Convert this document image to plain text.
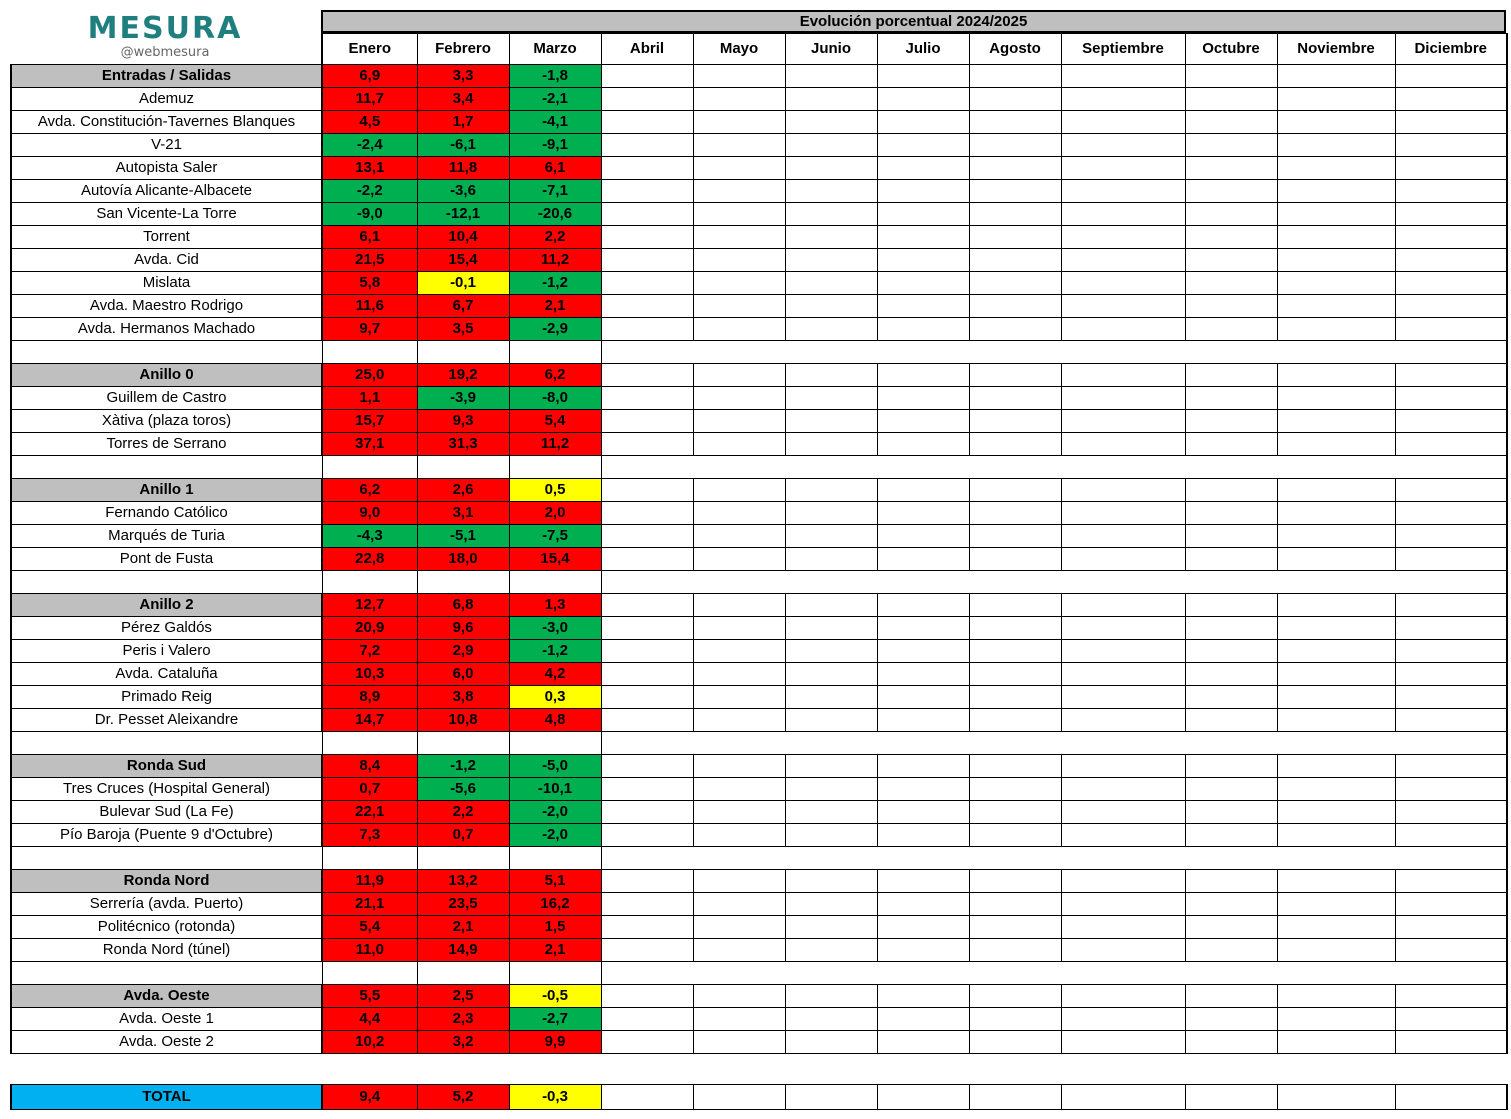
MESURA
@webmesura
Evolución porcentual 2024/2025
	Enero	Febrero	Marzo	Abril	Mayo	Junio	Julio	Agosto	Septiembre	Octubre	Noviembre	Diciembre
Entradas / Salidas	6,9	3,3	-1,8									
Ademuz	11,7	3,4	-2,1									
Avda. Constitución-Tavernes Blanques	4,5	1,7	-4,1									
V-21	-2,4	-6,1	-9,1									
Autopista Saler	13,1	11,8	6,1									
Autovía Alicante-Albacete	-2,2	-3,6	-7,1									
San Vicente-La Torre	-9,0	-12,1	-20,6									
Torrent	6,1	10,4	2,2									
Avda. Cid	21,5	15,4	11,2									
Mislata	5,8	-0,1	-1,2									
Avda. Maestro Rodrigo	11,6	6,7	2,1									
Avda. Hermanos Machado	9,7	3,5	-2,9									

Anillo 0	25,0	19,2	6,2									
Guillem de Castro	1,1	-3,9	-8,0									
Xàtiva (plaza toros)	15,7	9,3	5,4									
Torres de Serrano	37,1	31,3	11,2									

Anillo 1	6,2	2,6	0,5									
Fernando Católico	9,0	3,1	2,0									
Marqués de Turia	-4,3	-5,1	-7,5									
Pont de Fusta	22,8	18,0	15,4									

Anillo 2	12,7	6,8	1,3									
Pérez Galdós	20,9	9,6	-3,0									
Peris i Valero	7,2	2,9	-1,2									
Avda. Cataluña	10,3	6,0	4,2									
Primado Reig	8,9	3,8	0,3									
Dr. Pesset Aleixandre	14,7	10,8	4,8									

Ronda Sud	8,4	-1,2	-5,0									
Tres Cruces (Hospital General)	0,7	-5,6	-10,1									
Bulevar Sud (La Fe)	22,1	2,2	-2,0									
Pío Baroja (Puente 9 d'Octubre)	7,3	0,7	-2,0									

Ronda Nord	11,9	13,2	5,1									
Serrería (avda. Puerto)	21,1	23,5	16,2									
Politécnico (rotonda)	5,4	2,1	1,5									
Ronda Nord (túnel)	11,0	14,9	2,1									

Avda. Oeste	5,5	2,5	-0,5									
Avda. Oeste 1	4,4	2,3	-2,7									
Avda. Oeste 2	10,2	3,2	9,9									
TOTAL	9,4	5,2	-0,3									
